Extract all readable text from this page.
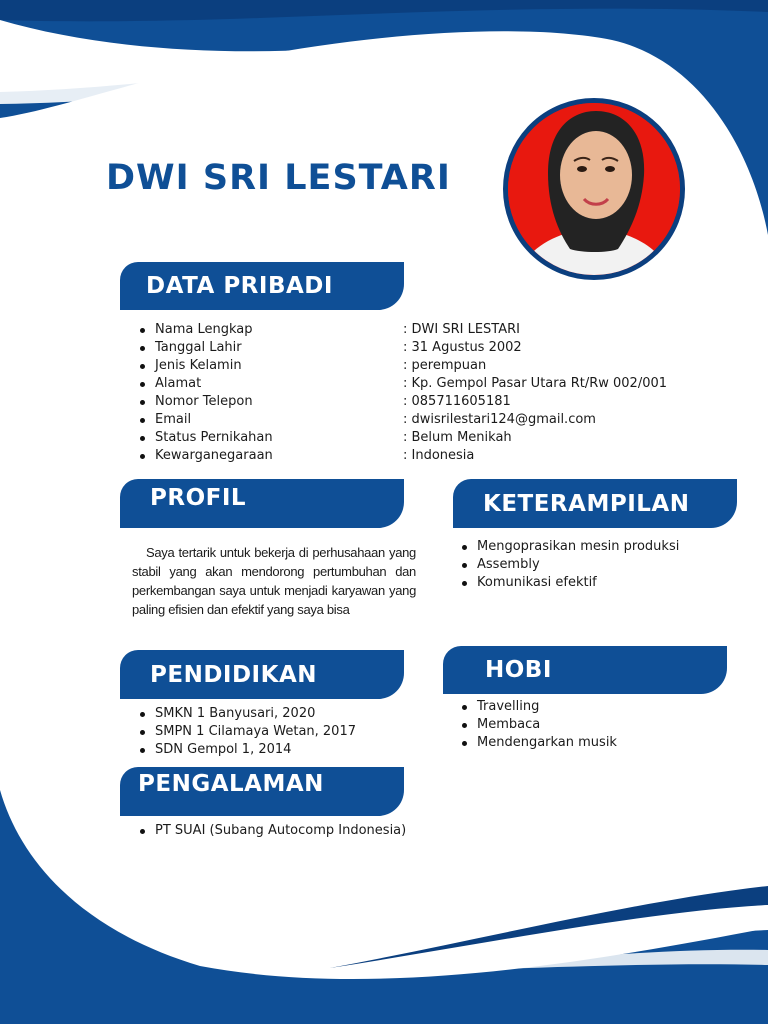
DWI SRI LESTARI
DATA PRIBADI
Nama Lengkap	: DWI SRI LESTARI
Tanggal Lahir	: 31 Agustus 2002
Jenis Kelamin	: perempuan
Alamat	: Kp. Gempol Pasar Utara Rt/Rw 002/001
Nomor Telepon	: 085711605181
Email	: dwisrilestari124@gmail.com
Status Pernikahan	: Belum Menikah
Kewarganegaraan	: Indonesia
PROFIL

Saya tertarik untuk bekerja di perhusahaan yang stabil yang akan mendorong pertumbuhan dan perkembangan saya untuk menjadi karyawan yang paling efisien dan efektif yang saya bisa

KETERAMPILAN
Mengoprasikan mesin produksi
Assembly
Komunikasi efektif
PENDIDIKAN
SMKN 1 Banyusari, 2020
SMPN 1 Cilamaya Wetan, 2017
SDN Gempol 1, 2014
HOBI
Travelling
Membaca
Mendengarkan musik
PENGALAMAN
PT SUAI (Subang Autocomp Indonesia)
